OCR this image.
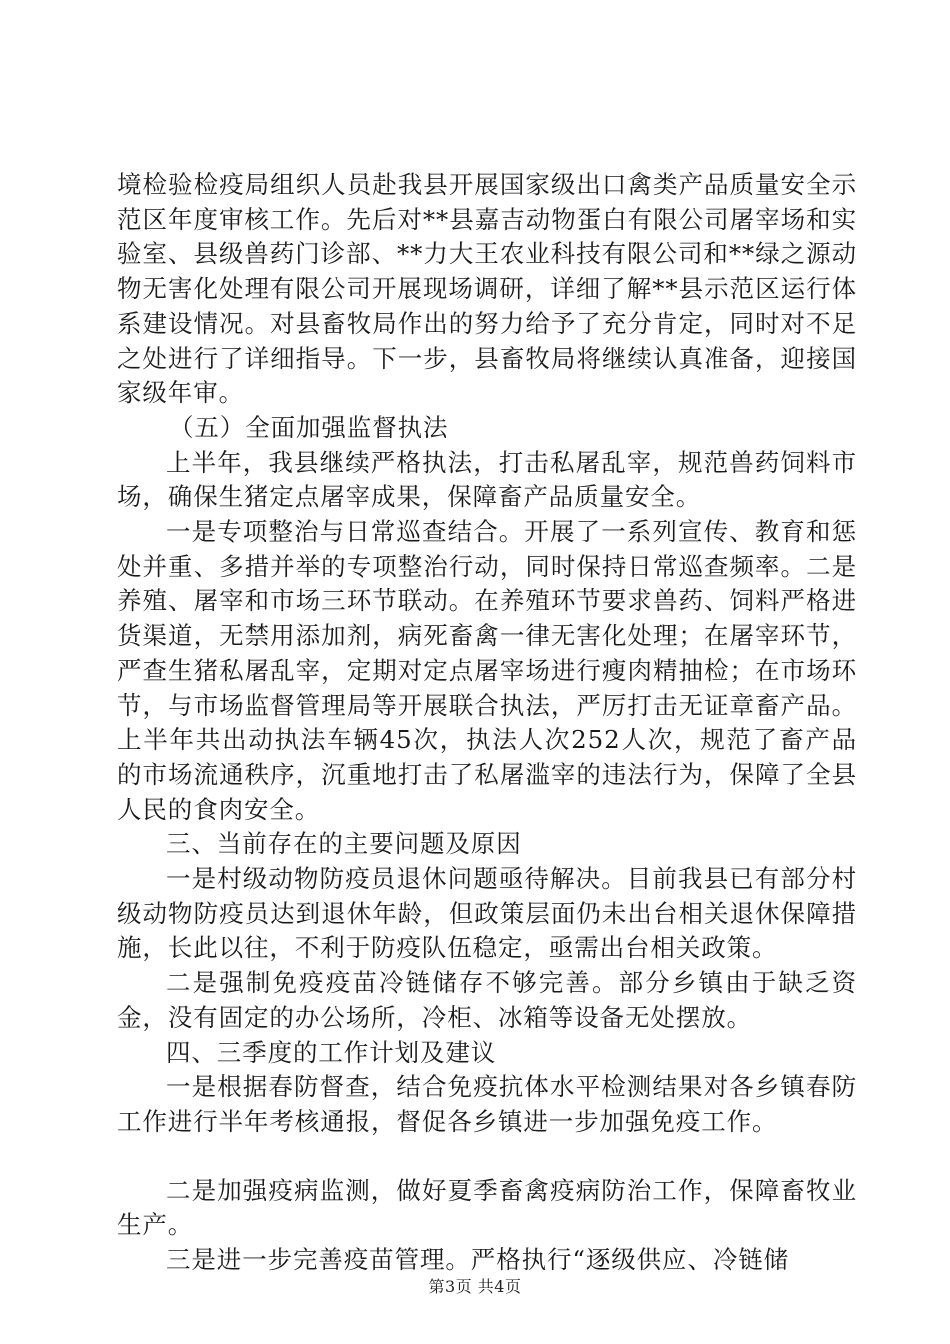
境检验检疫局组织人员赴我县开展国家级出口禽类产品质量安全示范区年度审核工作。先后对**县嘉吉动物蛋白有限公司屠宰场和实验室、县级兽药门诊部、**力大王农业科技有限公司和**绿之源动物无害化处理有限公司开展现场调研，详细了解**县示范区运行体系建设情况。对县畜牧局作出的努力给予了充分肯定，同时对不足之处进行了详细指导。下一步，县畜牧局将继续认真准备，迎接国家级年审。

（五）全面加强监督执法

上半年，我县继续严格执法，打击私屠乱宰，规范兽药饲料市场，确保生猪定点屠宰成果，保障畜产品质量安全。

一是专项整治与日常巡查结合。开展了一系列宣传、教育和惩处并重、多措并举的专项整治行动，同时保持日常巡查频率。二是养殖、屠宰和市场三环节联动。在养殖环节要求兽药、饲料严格进货渠道，无禁用添加剂，病死畜禽一律无害化处理；在屠宰环节，严查生猪私屠乱宰，定期对定点屠宰场进行瘦肉精抽检；在市场环节，与市场监督管理局等开展联合执法，严厉打击无证章畜产品。上半年共出动执法车辆45次，执法人次252人次，规范了畜产品的市场流通秩序，沉重地打击了私屠滥宰的违法行为，保障了全县人民的食肉安全。

三、当前存在的主要问题及原因

一是村级动物防疫员退休问题亟待解决。目前我县已有部分村级动物防疫员达到退休年龄，但政策层面仍未出台相关退休保障措施，长此以往，不利于防疫队伍稳定，亟需出台相关政策。

二是强制免疫疫苗冷链储存不够完善。部分乡镇由于缺乏资金，没有固定的办公场所，冷柜、冰箱等设备无处摆放。

四、三季度的工作计划及建议

一是根据春防督查，结合免疫抗体水平检测结果对各乡镇春防工作进行半年考核通报，督促各乡镇进一步加强免疫工作。

二是加强疫病监测，做好夏季畜禽疫病防治工作，保障畜牧业生产。

三是进一步完善疫苗管理。严格执行“逐级供应、冷链储

第3页 共4页
